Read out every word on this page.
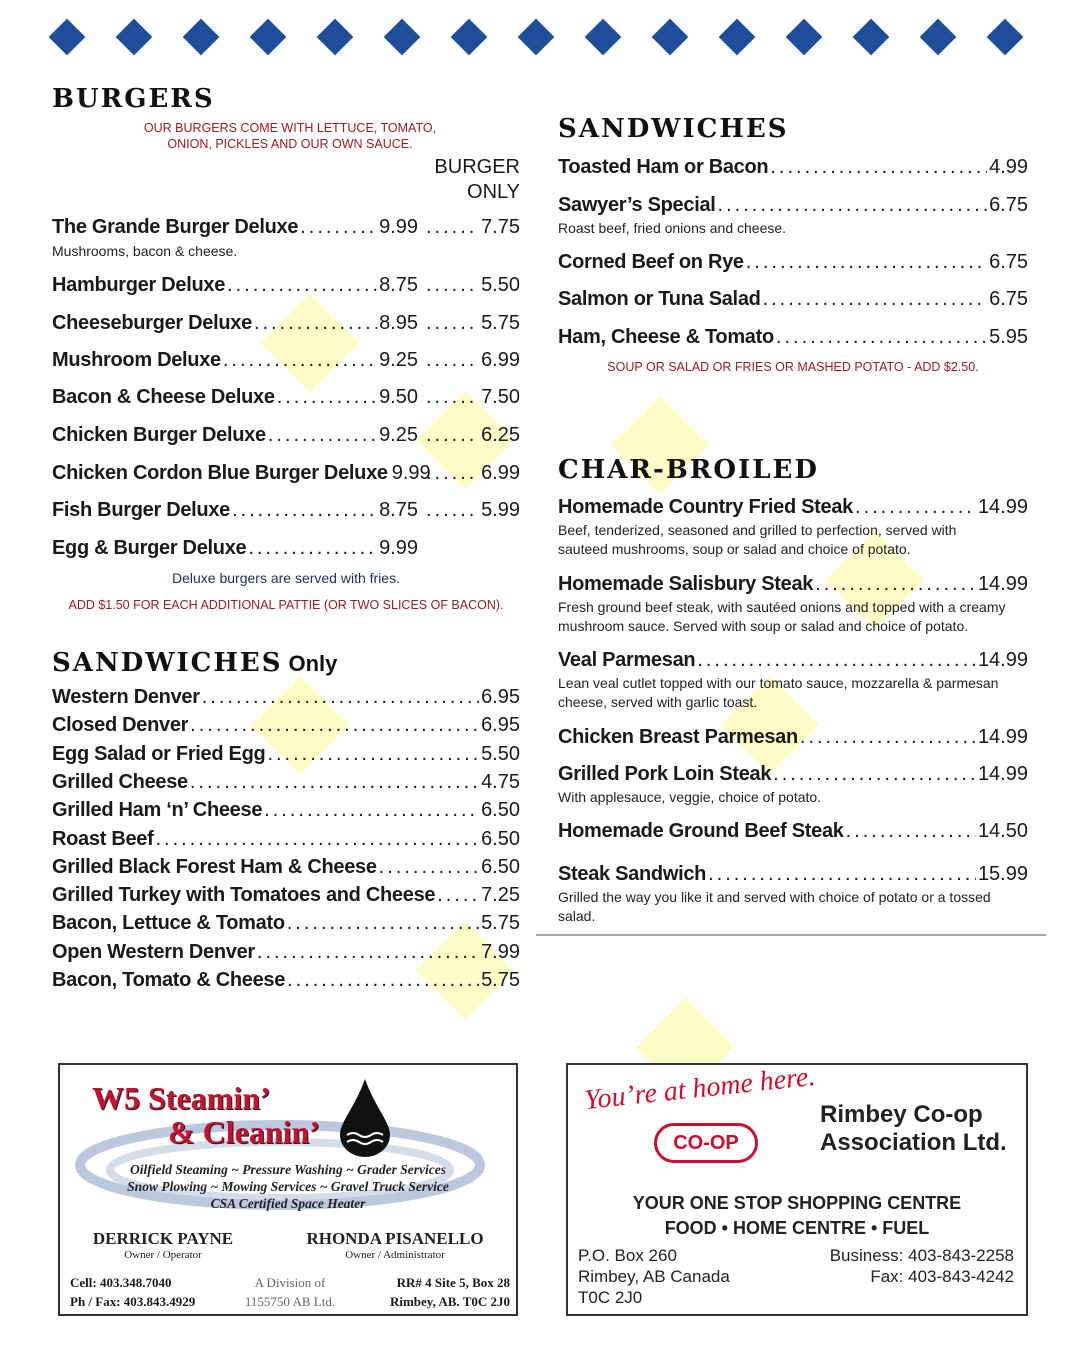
BURGERS
OUR BURGERS COME WITH LETTUCE, TOMATO,
ONION, PICKLES AND OUR OWN SAUCE.
BURGER
ONLY
The Grande Burger Deluxe .....	9.99 .....	7.75
Mushrooms, bacon & cheese.
Hamburger Deluxe .....	8.75 .....	5.50
Cheeseburger Deluxe .....	8.95 .....	5.75
Mushroom Deluxe .....	9.25 .....	6.99
Bacon & Cheese Deluxe .....	9.50 .....	7.50
Chicken Burger Deluxe .....	9.25 .....	6.25
Chicken Cordon Blue Burger Deluxe 9.99 .....	6.99
Fish Burger Deluxe .....	8.75 .....	5.99
Egg & Burger Deluxe .....	9.99
Deluxe burgers are served with fries.
ADD $1.50 FOR EACH ADDITIONAL PATTIE (OR TWO SLICES OF BACON).
SANDWICHES Only
Western Denver .....	6.95
Closed Denver .....	6.95
Egg Salad or Fried Egg .....	5.50
Grilled Cheese .....	4.75
Grilled Ham ‘n’ Cheese .....	6.50
Roast Beef .....	6.50
Grilled Black Forest Ham & Cheese .....	6.50
Grilled Turkey with Tomatoes and Cheese ..... 7.25
Bacon, Lettuce & Tomato .....	5.75
Open Western Denver .....	7.99
Bacon, Tomato & Cheese .....	5.75
SANDWICHES
Toasted Ham or Bacon .....	4.99
Sawyer’s Special .....	6.75
Roast beef, fried onions and cheese.
Corned Beef on Rye .....	6.75
Salmon or Tuna Salad .....	6.75
Ham, Cheese & Tomato .....	5.95
SOUP OR SALAD OR FRIES OR MASHED POTATO - ADD $2.50.
CHAR-BROILED
Homemade Country Fried Steak .....	14.99
Beef, tenderized, seasoned and grilled to perfection, served with
sauteed mushrooms, soup or salad and choice of potato.
Homemade Salisbury Steak .....	14.99
Fresh ground beef steak, with sautéed onions and topped with a creamy
mushroom sauce. Served with soup or salad and choice of potato.
Veal Parmesan .....	14.99
Lean veal cutlet topped with our tomato sauce, mozzarella & parmesan
cheese, served with garlic toast.
Chicken Breast Parmesan .....	14.99
Grilled Pork Loin Steak .....	14.99
With applesauce, veggie, choice of potato.
Homemade Ground Beef Steak .....	14.50
Steak Sandwich .....	15.99
Grilled the way you like it and served with choice of potato or a tossed
salad.
W5 Steamin’
& Cleanin’
Oilfield Steaming ~ Pressure Washing ~ Grader Services
Snow Plowing ~ Mowing Services ~ Gravel Truck Service
CSA Certified Space Heater
DERRICK PAYNE
Owner / Operator
RHONDA PISANELLO
Owner / Administrator
Cell: 403.348.7040
Ph / Fax: 403.843.4929
A Division of
1155750 AB Ltd.
RR# 4 Site 5, Box 28
Rimbey, AB. T0C 2J0
You’re at home here.
CO-OP
Rimbey Co-op
Association Ltd.
YOUR ONE STOP SHOPPING CENTRE
FOOD • HOME CENTRE • FUEL
P.O. Box 260
Rimbey, AB Canada
T0C 2J0
Business: 403-843-2258
Fax: 403-843-4242
